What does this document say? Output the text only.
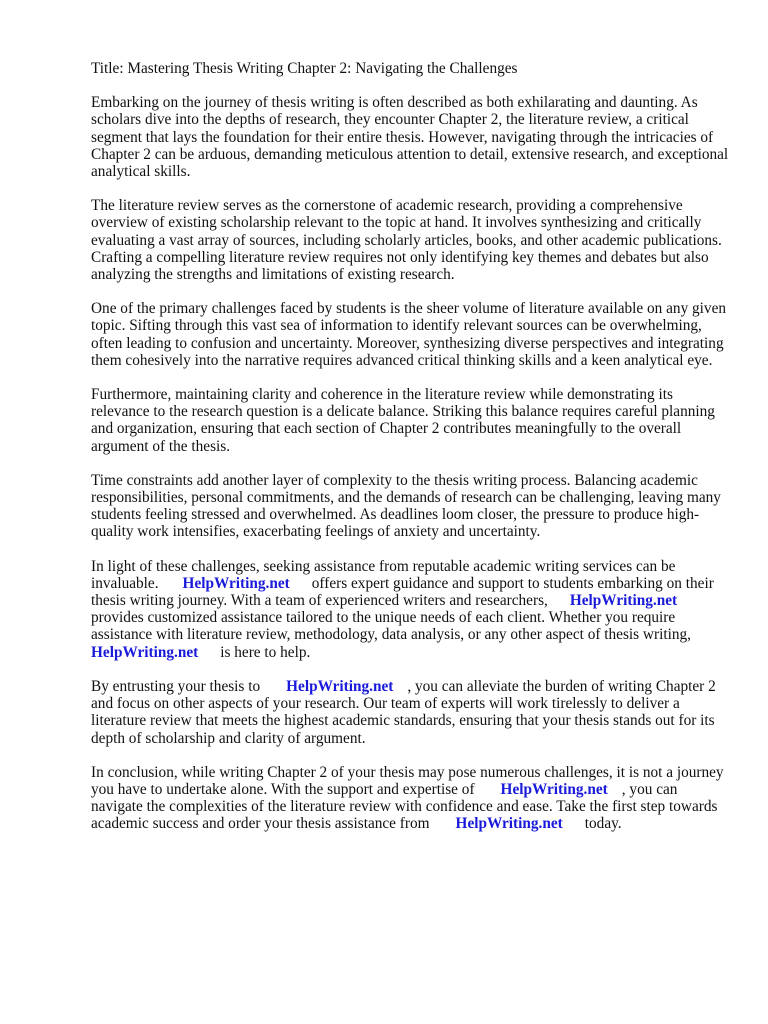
Title: Mastering Thesis Writing Chapter 2: Navigating the Challenges

Embarking on the journey of thesis writing is often described as both exhilarating and daunting. As scholars dive into the depths of research, they encounter Chapter 2, the literature review, a critical segment that lays the foundation for their entire thesis. However, navigating through the intricacies of Chapter 2 can be arduous, demanding meticulous attention to detail, extensive research, and exceptional analytical skills.

The literature review serves as the cornerstone of academic research, providing a comprehensive overview of existing scholarship relevant to the topic at hand. It involves synthesizing and critically evaluating a vast array of sources, including scholarly articles, books, and other academic publications. Crafting a compelling literature review requires not only identifying key themes and debates but also analyzing the strengths and limitations of existing research.

One of the primary challenges faced by students is the sheer volume of literature available on any given topic. Sifting through this vast sea of information to identify relevant sources can be overwhelming, often leading to confusion and uncertainty. Moreover, synthesizing diverse perspectives and integrating them cohesively into the narrative requires advanced critical thinking skills and a keen analytical eye.

Furthermore, maintaining clarity and coherence in the literature review while demonstrating its relevance to the research question is a delicate balance. Striking this balance requires careful planning and organization, ensuring that each section of Chapter 2 contributes meaningfully to the overall argument of the thesis.

Time constraints add another layer of complexity to the thesis writing process. Balancing academic responsibilities, personal commitments, and the demands of research can be challenging, leaving many students feeling stressed and overwhelmed. As deadlines loom closer, the pressure to produce high-quality work intensifies, exacerbating feelings of anxiety and uncertainty.

In light of these challenges, seeking assistance from reputable academic writing services can be invaluable. HelpWriting.net offers expert guidance and support to students embarking on their thesis writing journey. With a team of experienced writers and researchers, HelpWriting.netprovides customized assistance tailored to the unique needs of each client. Whether you require assistance with literature review, methodology, data analysis, or any other aspect of thesis writing, HelpWriting.net is here to help.

By entrusting your thesis to HelpWriting.net , you can alleviate the burden of writing Chapter 2 and focus on other aspects of your research. Our team of experts will work tirelessly to deliver a literature review that meets the highest academic standards, ensuring that your thesis stands out for its depth of scholarship and clarity of argument.

In conclusion, while writing Chapter 2 of your thesis may pose numerous challenges, it is not a journey you have to undertake alone. With the support and expertise of HelpWriting.net , you can navigate the complexities of the literature review with confidence and ease. Take the first step towards academic success and order your thesis assistance from HelpWriting.net today.
